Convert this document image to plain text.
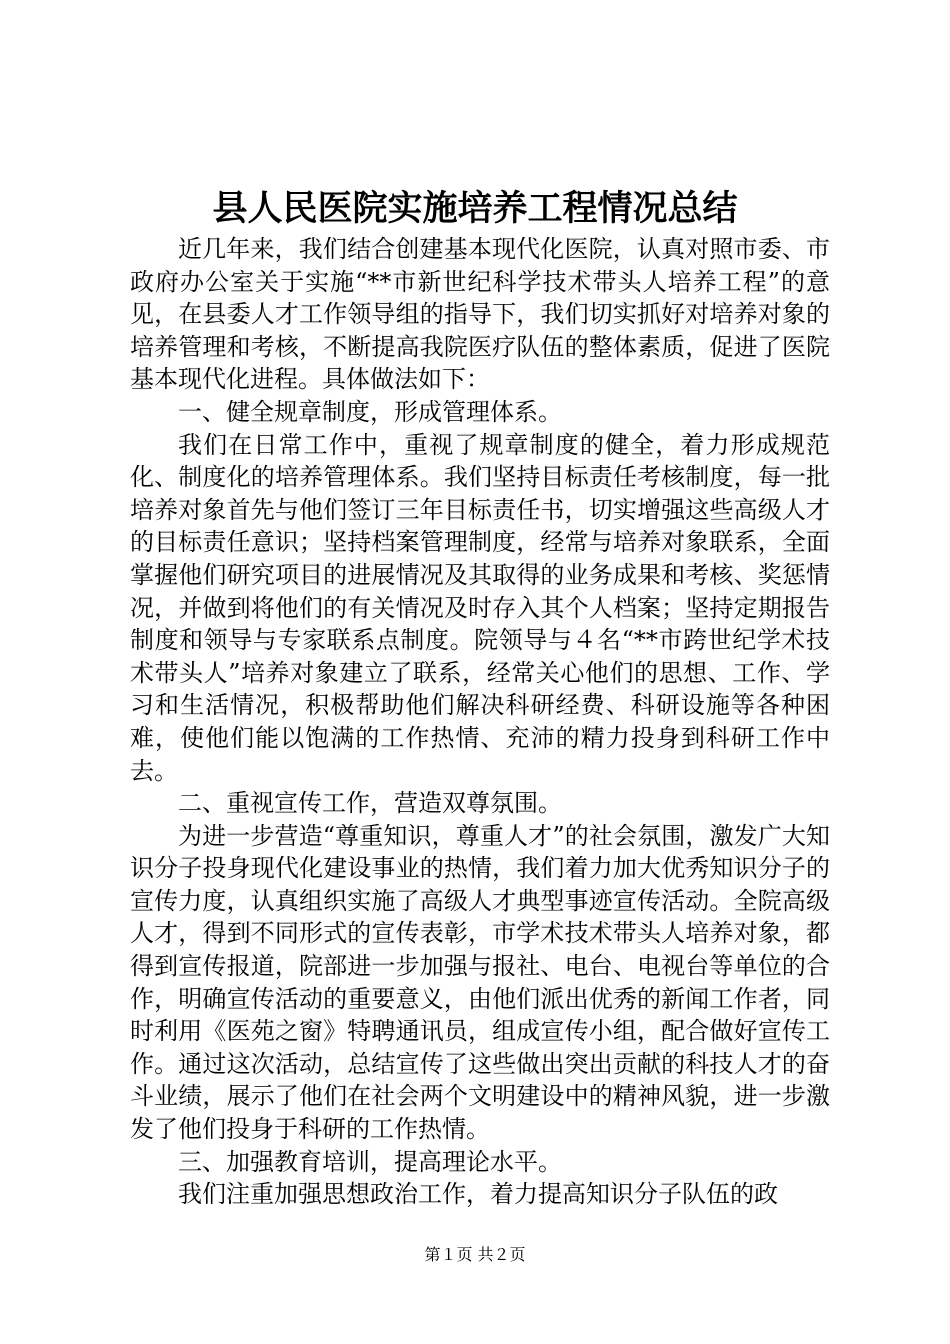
县人民医院实施培养工程情况总结

近几年来，我们结合创建基本现代化医院，认真对照市委、市政府办公室关于实施“**市新世纪科学技术带头人培养工程”的意见，在县委人才工作领导组的指导下，我们切实抓好对培养对象的培养管理和考核，不断提高我院医疗队伍的整体素质，促进了医院基本现代化进程。具体做法如下：

一、健全规章制度，形成管理体系。

我们在日常工作中，重视了规章制度的健全，着力形成规范化、制度化的培养管理体系。我们坚持目标责任考核制度，每一批培养对象首先与他们签订三年目标责任书，切实增强这些高级人才的目标责任意识；坚持档案管理制度，经常与培养对象联系，全面掌握他们研究项目的进展情况及其取得的业务成果和考核、奖惩情况，并做到将他们的有关情况及时存入其个人档案；坚持定期报告制度和领导与专家联系点制度。院领导与４名“**市跨世纪学术技术带头人”培养对象建立了联系，经常关心他们的思想、工作、学习和生活情况，积极帮助他们解决科研经费、科研设施等各种困难，使他们能以饱满的工作热情、充沛的精力投身到科研工作中去。

二、重视宣传工作，营造双尊氛围。

为进一步营造“尊重知识，尊重人才”的社会氛围，激发广大知识分子投身现代化建设事业的热情，我们着力加大优秀知识分子的宣传力度，认真组织实施了高级人才典型事迹宣传活动。全院高级人才，得到不同形式的宣传表彰，市学术技术带头人培养对象，都得到宣传报道，院部进一步加强与报社、电台、电视台等单位的合作，明确宣传活动的重要意义，由他们派出优秀的新闻工作者，同时利用《医苑之窗》特聘通讯员，组成宣传小组，配合做好宣传工作。通过这次活动，总结宣传了这些做出突出贡献的科技人才的奋斗业绩，展示了他们在社会两个文明建设中的精神风貌，进一步激发了他们投身于科研的工作热情。

三、加强教育培训，提高理论水平。

我们注重加强思想政治工作，着力提高知识分子队伍的政

第１页 共２页
